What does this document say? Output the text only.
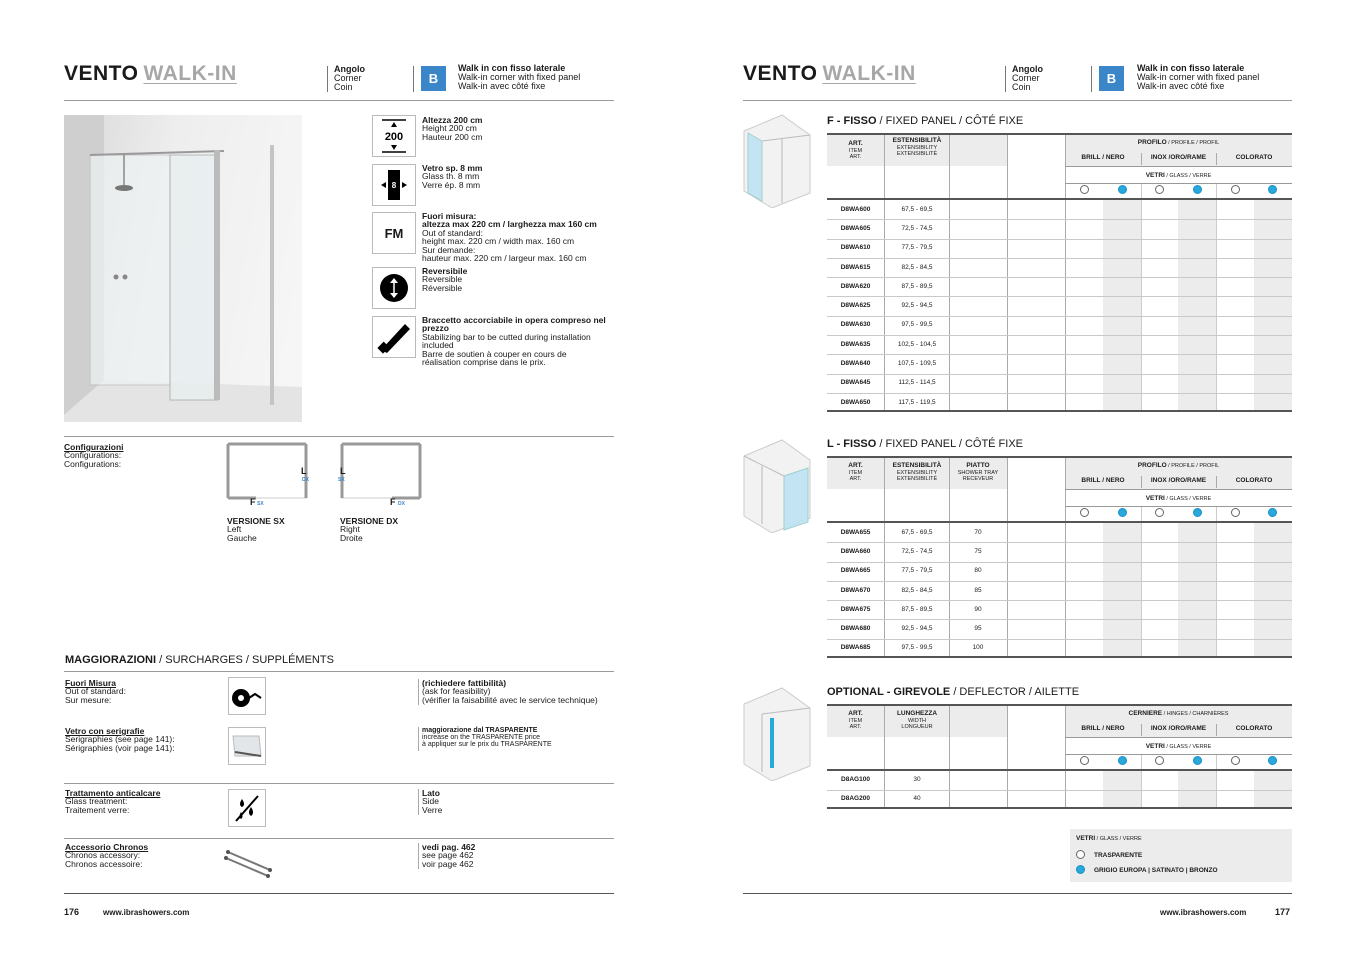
VENTO WALK-IN	Angolo
Corner
Coin
B
Walk in con fisso laterale
Walk-in corner with fixed panel
Walk-in avec côté fixe
200
Altezza 200 cm
Height 200 cm
Hauteur 200 cm
8
Vetro sp. 8 mm
Glass th. 8 mm
Verre ép. 8 mm
FM
Fuori misura:
altezza max 220 cm / larghezza max 160 cm
Out of standard:
height max. 220 cm / width max. 160 cm
Sur demande:
hauteur max. 220 cm / largeur max. 160 cm
Reversibile
Reversible
Réversible
Braccetto accorciabile in opera compreso nel
prezzo
Stabilizing bar to be cutted during installation
included
Barre de soutien à couper en cours de
réalisation comprise dans le prix.
Configurazioni
Configurations:
Configurations:
L
DX
F SX
VERSIONE SX
Left
Gauche
L
SX
F DX
VERSIONE DX
Right
Droite
MAGGIORAZIONI / SURCHARGES / SUPPLÉMENTS
Fuori Misura
Out of standard:
Sur mesure:
(richiedere fattibilità)
(ask for feasibility)
(vérifier la faisabilité avec le service technique)
Vetro con serigrafie
Serigraphies (see page 141):
Sérigraphies (voir page 141):
maggiorazione dal TRASPARENTE
increase on the TRASPARENTE price
à appliquer sur le prix du TRASPARENTE
Trattamento anticalcare
Glass treatment:
Traitement verre:
Lato
Side
Verre
Accessorio Chronos
Chronos accessory:
Chronos accessoire:
vedi pag. 462
see page 462
voir page 462
176	www.ibrashowers.com
VENTO WALK-IN	Angolo
Corner
Coin
B
Walk in con fisso laterale
Walk-in corner with fixed panel
Walk-in avec côté fixe
F - FISSO / FIXED PANEL / CÔTÉ FIXE
ART.
ITEM
ART.
ESTENSIBILITÀ
EXTENSIBILITY
EXTENSIBILITÉ
PROFILO / PROFILE / PROFIL
BRILL / NERO	INOX /ORO/RAME	COLORATO
VETRI / GLASS / VERRE
D8WA600	67,5 - 69,5
D8WA605	72,5 - 74,5
D8WA610	77,5 - 79,5
D8WA615	82,5 - 84,5
D8WA620	87,5 - 89,5
D8WA625	92,5 - 94,5
D8WA630	97,5 - 99,5
D8WA635	102,5 - 104,5
D8WA640	107,5 - 109,5
D8WA645	112,5 - 114,5
D8WA650	117,5 - 119,5
L - FISSO / FIXED PANEL / CÔTÉ FIXE
ART.
ITEM
ART.
ESTENSIBILITÀ
EXTENSIBILITY
EXTENSIBILITÉ
PIATTO
SHOWER TRAY
RECEVEUR
PROFILO / PROFILE / PROFIL
BRILL / NERO	INOX /ORO/RAME	COLORATO
VETRI / GLASS / VERRE
D8WA655	67,5 - 69,5	70
D8WA660	72,5 - 74,5	75
D8WA665	77,5 - 79,5	80
D8WA670	82,5 - 84,5	85
D8WA675	87,5 - 89,5	90
D8WA680	92,5 - 94,5	95
D8WA685	97,5 - 99,5	100
OPTIONAL - GIREVOLE / DEFLECTOR / AILETTE
ART.
ITEM
ART.
LUNGHEZZA
WIDTH
LONGUEUR
CERNIERE / HINGES / CHARNIÈRES
BRILL / NERO	INOX /ORO/RAME	COLORATO
VETRI / GLASS / VERRE
D8AG100	30
D8AG200	40
VETRI / GLASS / VERRE
TRASPARENTE
GRIGIO EUROPA | SATINATO | BRONZO
www.ibrashowers.com	177
